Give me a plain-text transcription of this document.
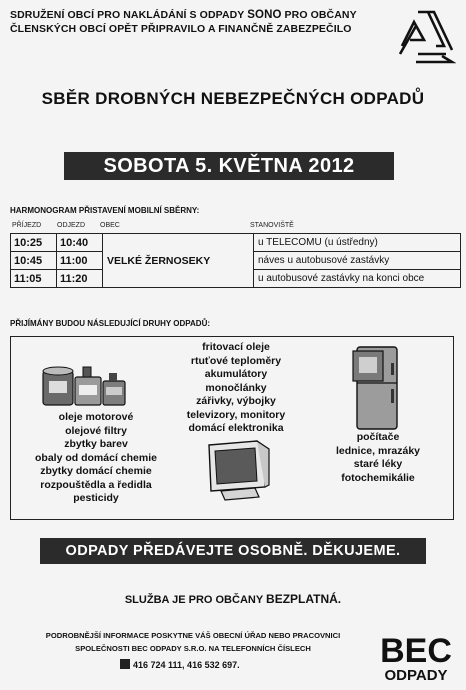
SDRUŽENÍ OBCÍ PRO NAKLÁDÁNÍ S ODPADY SONO PRO OBČANY
ČLENSKÝCH OBCÍ OPĚT PŘIPRAVILO A FINANČNĚ ZABEZPEČILO
SBĚR DROBNÝCH NEBEZPEČNÝCH ODPADŮ
SOBOTA 5. KVĚTNA 2012
HARMONOGRAM PŘISTAVENÍ MOBILNÍ SBĚRNY:
PŘÍJEZD ODJEZD OBEC	STANOVIŠTĚ
10:25	10:40	VELKÉ ŽERNOSEKY	u TELECOMU (u ústředny)
10:45	11:00		náves u autobusové zastávky
11:05	11:20		u autobusové zastávky na konci obce
PŘIJÍMÁNY BUDOU NÁSLEDUJÍCÍ DRUHY ODPADŮ:
oleje motorové
olejové filtry
zbytky barev
obaly od domácí chemie
zbytky domácí chemie
rozpouštědla a ředidla
pesticidy
fritovací oleje
rtuťové teploměry
akumulátory
monočlánky
zářivky, výbojky
televizory, monitory
domácí elektronika
počítače
lednice, mrazáky
staré léky
fotochemikálie
ODPADY PŘEDÁVEJTE OSOBNĚ. DĚKUJEME.
SLUŽBA JE PRO OBČANY BEZPLATNÁ.
PODROBNĚJŠÍ INFORMACE POSKYTNE VÁŠ OBECNÍ ÚŘAD NEBO PRACOVNICI
SPOLEČNOSTI BEC ODPADY S.R.O. NA TELEFONNÍCH ČÍSLECH
416 724 111, 416 532 697.	BEC
ODPADY
